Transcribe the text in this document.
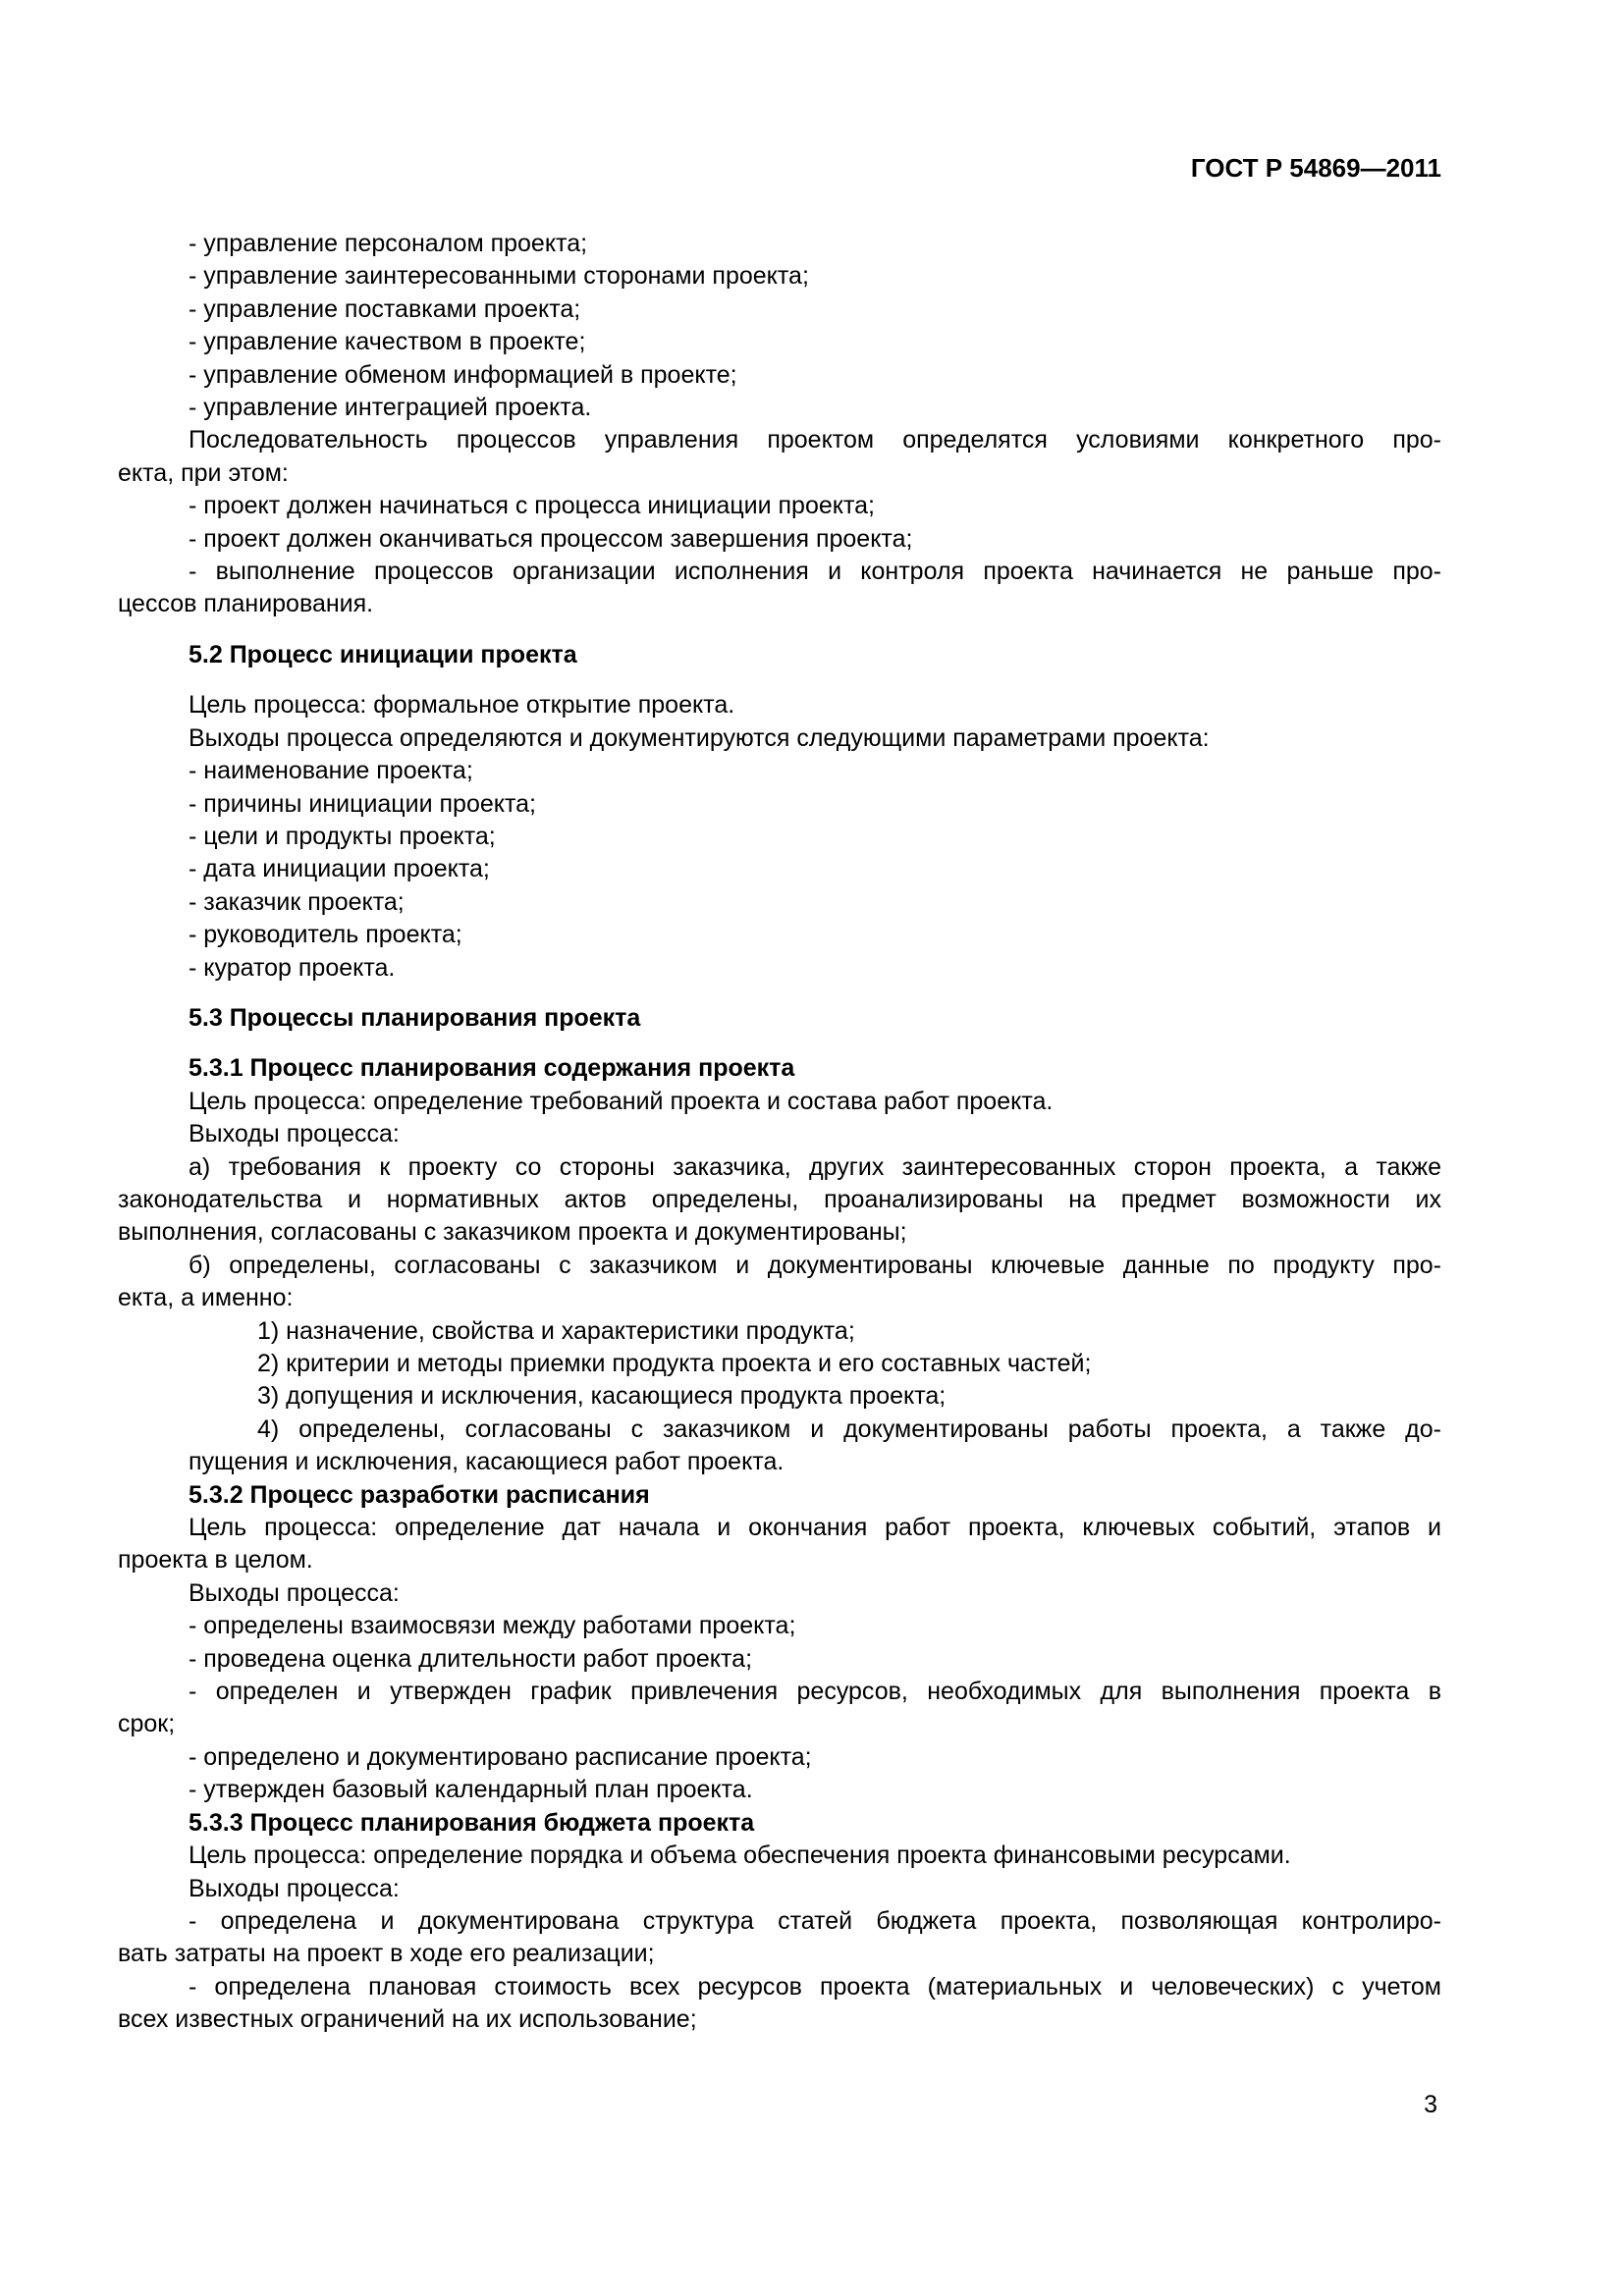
ГОСТ Р 54869—2011
- управление персоналом проекта;
- управление заинтересованными сторонами проекта;
- управление поставками проекта;
- управление качеством в проекте;
- управление обменом информацией в проекте;
- управление интеграцией проекта.
Последовательность процессов управления проектом определятся условиями конкретного про-
екта, при этом:
- проект должен начинаться с процесса инициации проекта;
- проект должен оканчиваться процессом завершения проекта;
- выполнение процессов организации исполнения и контроля проекта начинается не раньше про-
цессов планирования.
5.2 Процесс инициации проекта
Цель процесса: формальное открытие проекта.
Выходы процесса определяются и документируются следующими параметрами проекта:
- наименование проекта;
- причины инициации проекта;
- цели и продукты проекта;
- дата инициации проекта;
- заказчик проекта;
- руководитель проекта;
- куратор проекта.
5.3 Процессы планирования проекта
5.3.1 Процесс планирования содержания проекта
Цель процесса: определение требований проекта и состава работ проекта.
Выходы процесса:
а) требования к проекту со стороны заказчика, других заинтересованных сторон проекта, а также
законодательства и нормативных актов определены, проанализированы на предмет возможности их
выполнения, согласованы с заказчиком проекта и документированы;
б) определены, согласованы с заказчиком и документированы ключевые данные по продукту про-
екта, а именно:
1) назначение, свойства и характеристики продукта;
2) критерии и методы приемки продукта проекта и его составных частей;
3) допущения и исключения, касающиеся продукта проекта;
4) определены, согласованы с заказчиком и документированы работы проекта, а также до-
пущения и исключения, касающиеся работ проекта.
5.3.2 Процесс разработки расписания
Цель процесса: определение дат начала и окончания работ проекта, ключевых событий, этапов и
проекта в целом.
Выходы процесса:
- определены взаимосвязи между работами проекта;
- проведена оценка длительности работ проекта;
- определен и утвержден график привлечения ресурсов, необходимых для выполнения проекта в
срок;
- определено и документировано расписание проекта;
- утвержден базовый календарный план проекта.
5.3.3 Процесс планирования бюджета проекта
Цель процесса: определение порядка и объема обеспечения проекта финансовыми ресурсами.
Выходы процесса:
- определена и документирована структура статей бюджета проекта, позволяющая контролиро-
вать затраты на проект в ходе его реализации;
- определена плановая стоимость всех ресурсов проекта (материальных и человеческих) с учетом
всех известных ограничений на их использование;
3
